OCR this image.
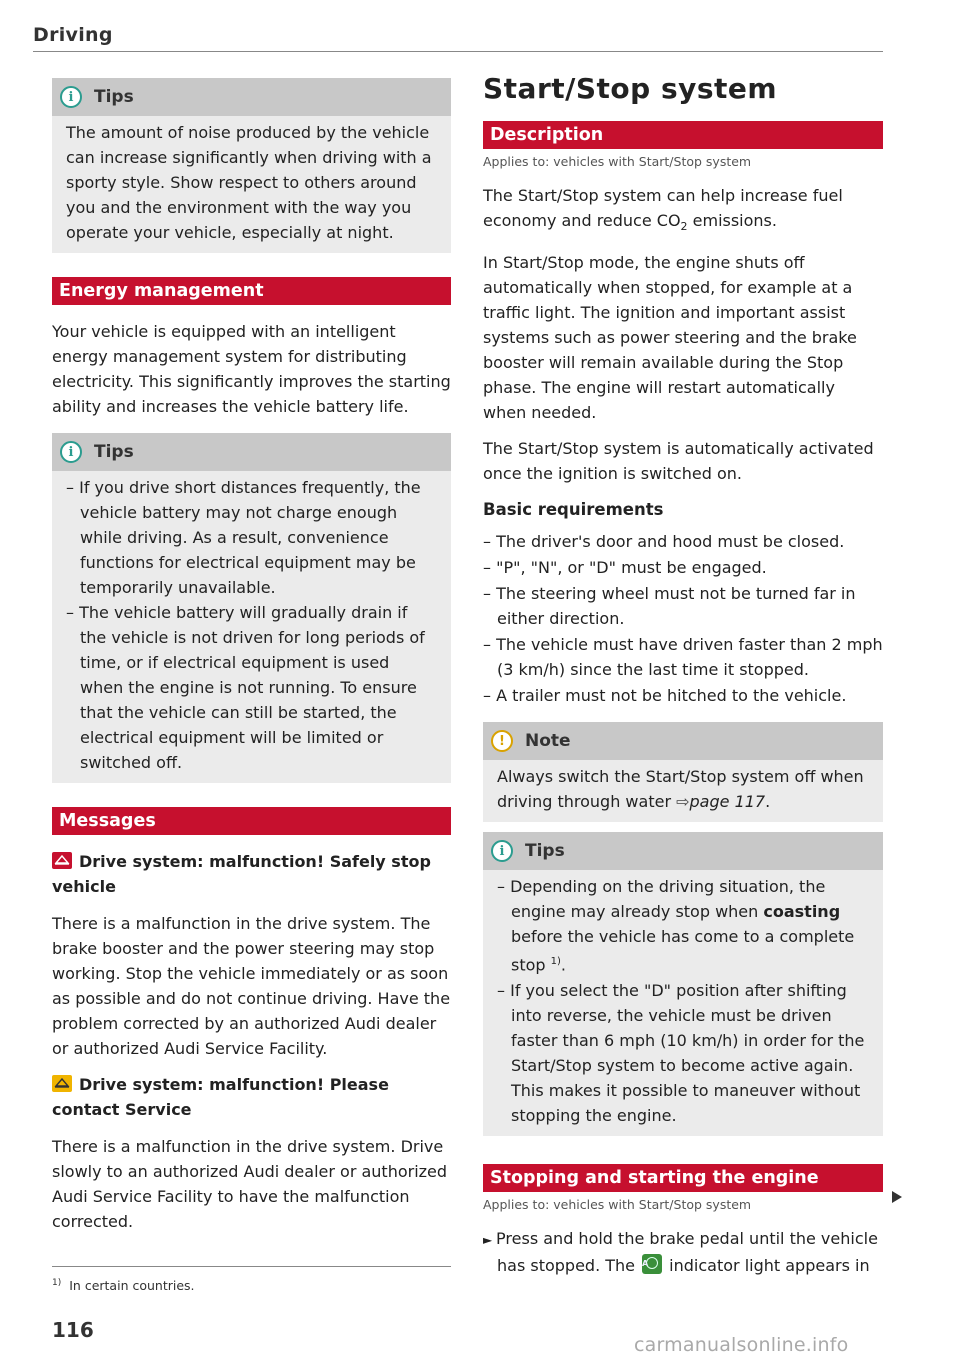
Driving
i	Tips

The amount of noise produced by the vehicle can increase significantly when driving with a sporty style. Show respect to others around you and the environment with the way you operate your vehicle, especially at night.

Energy management

Your vehicle is equipped with an intelligent energy management system for distributing electricity. This significantly improves the starting ability and increases the vehicle battery life.

i	Tips
– If you drive short distances frequently, the vehicle battery may not charge enough while driving. As a result, convenience functions for electrical equipment may be temporarily unavailable.
– The vehicle battery will gradually drain if the vehicle is not driven for long periods of time, or if electrical equipment is used when the engine is not running. To ensure that the vehicle can still be started, the electrical equipment will be limited or switched off.
Messages
Drive system: malfunction! Safely stop vehicle

There is a malfunction in the drive system. The brake booster and the power steering may stop working. Stop the vehicle immediately or as soon as possible and do not continue driving. Have the problem corrected by an authorized Audi dealer or authorized Audi Service Facility.

Drive system: malfunction! Please contact Service

There is a malfunction in the drive system. Drive slowly to an authorized Audi dealer or authorized Audi Service Facility to have the malfunction corrected.

$^{1)}$ In certain countries.
116
Start/Stop system
Description
Applies to: vehicles with Start/Stop system

The Start/Stop system can help increase fuel economy and reduce $CO_2$ emissions.

In Start/Stop mode, the engine shuts off automatically when stopped, for example at a traffic light. The ignition and important assist systems such as power steering and the brake booster will remain available during the Stop phase. The engine will restart automatically when needed.

The Start/Stop system is automatically activated once the ignition is switched on.

Basic requirements
– The driver's door and hood must be closed.
– "P", "N", or "D" must be engaged.
– The steering wheel must not be turned far in either direction.
– The vehicle must have driven faster than 2 mph (3 km/h) since the last time it stopped.
– A trailer must not be hitched to the vehicle.
!	Note

Always switch the Start/Stop system off when driving through water ⇨page 117.

i	Tips
– Depending on the driving situation, the engine may already stop when coasting before the vehicle has come to a complete stop $^{1)}$.
– If you select the "D" position after shifting into reverse, the vehicle must be driven faster than 6 mph (10 km/h) in order for the Start/Stop system to become active again. This makes it possible to maneuver without stopping the engine.
Stopping and starting the engine
Applies to: vehicles with Start/Stop system

► Press and hold the brake pedal until the vehicle has stopped. The A indicator light appears in

carmanualsonline.info
